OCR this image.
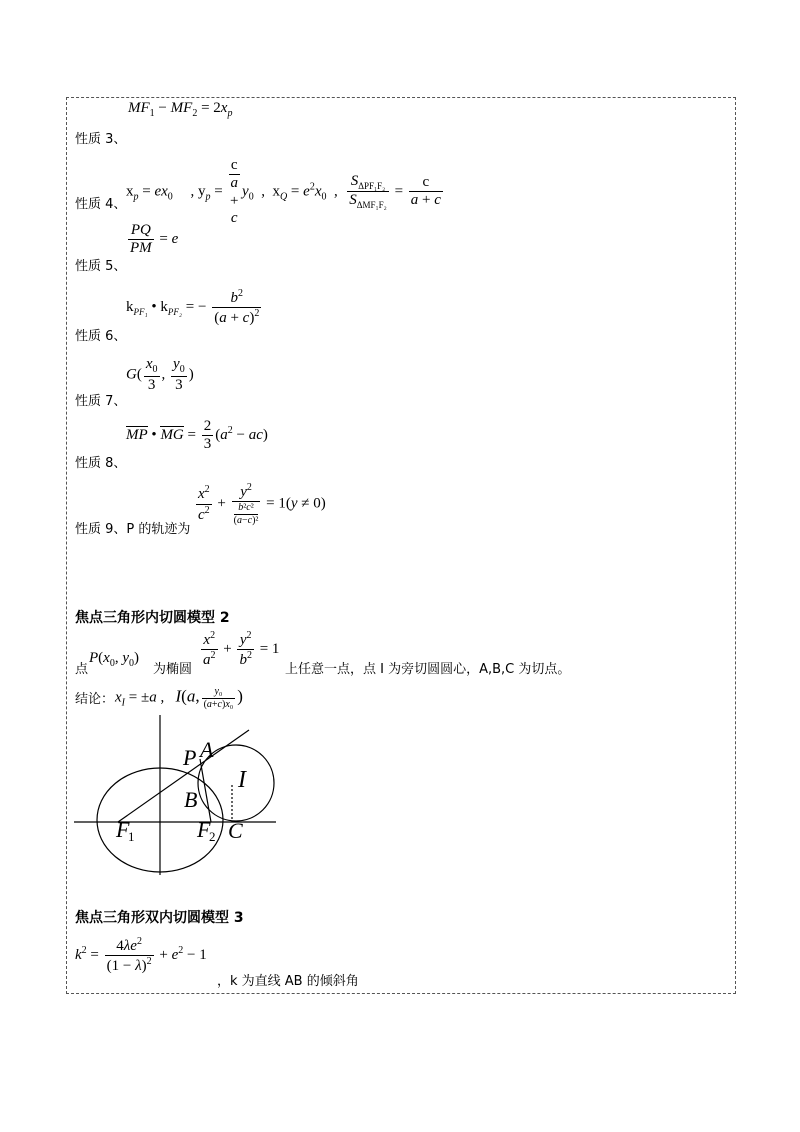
$MF_1 - MF_2 = 2x_p$
性质 3、
$x_p = ex_0$ , $y_p$ =
c
a
+
c
$y_0$  ,  $x_Q = e^2x_0$  , $\frac{S_{\Delta PF_1F_2}}{S_{\Delta MF_1F_2}} = \frac{c}{a + c}$
性质 4、
$\frac{PQ}{PM} = e$
性质 5、
$k_{PF_1}$ • $k_{PF_2}$ = − $\frac{b^2}{(a + c)^2}$
性质 6、
$G( \frac{x_0}{3}$ , $\frac{y_0}{3}$ )
性质 7、
MP • MG = $\frac{2}{3} (a^2 - ac)$
性质 8、
性质 9、P 的轨迹为
$\frac{x^2}{c^2} + y^2$
b²c²
(a−c)² = 1(y ≠ 0)
焦点三角形内切圆模型 2
点
$P(x_0$, $y_0$)
为椭圆 $\frac{x^2}{a^2} + \frac{y^2}{b^2} = 1$
上任意一点，点 I 为旁切圆圆心，A,B,C 为切点。
结论： $x_I = \pm a$ ,   I(a, $\frac{\text{y₀}}{\text{(a+c)x₀}}$ )
P A
I
B
F
1	F
2 C
焦点三角形双内切圆模型 3
$k^2 = \frac{4\lambda e^2}{(1 - \lambda)^2} + e^2 - 1$
，k 为直线 AB 的倾斜角
